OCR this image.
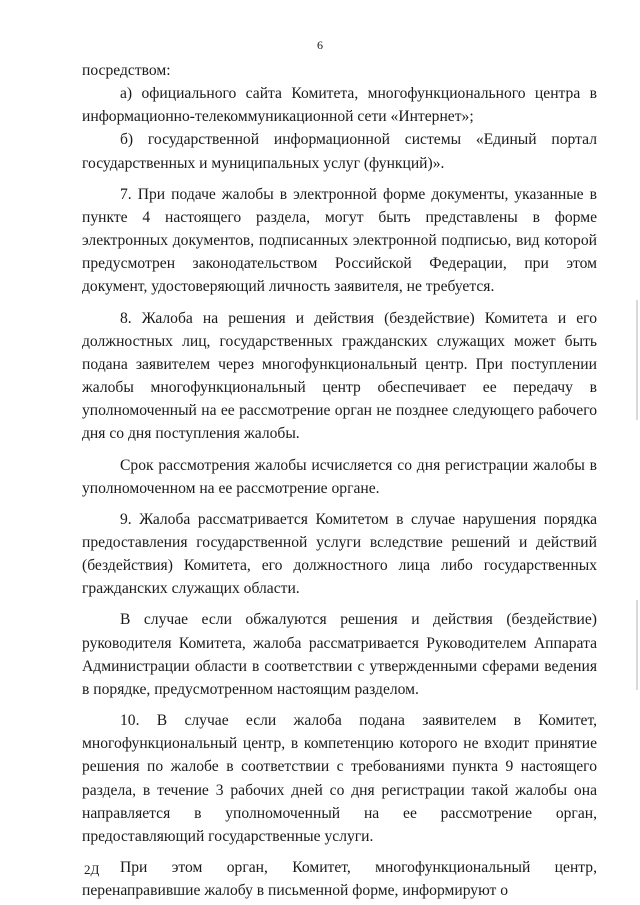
6

посредством:

а) официального сайта Комитета, многофункционального центра в информационно-телекоммуникационной сети «Интернет»;

б) государственной информационной системы «Единый портал государственных и муниципальных услуг (функций)».

7. При подаче жалобы в электронной форме документы, указанные в пункте 4 настоящего раздела, могут быть представлены в форме электронных документов, подписанных электронной подписью, вид которой предусмотрен законодательством Российской Федерации, при этом документ, удостоверяющий личность заявителя, не требуется.

8. Жалоба на решения и действия (бездействие) Комитета и его должностных лиц, государственных гражданских служащих может быть подана заявителем через многофункциональный центр. При поступлении жалобы многофункциональный центр обеспечивает ее передачу в уполномоченный на ее рассмотрение орган не позднее следующего рабочего дня со дня поступления жалобы.

Срок рассмотрения жалобы исчисляется со дня регистрации жалобы в уполномоченном на ее рассмотрение органе.

9. Жалоба рассматривается Комитетом в случае нарушения порядка предоставления государственной услуги вследствие решений и действий (бездействия) Комитета, его должностного лица либо государственных гражданских служащих области.

В случае если обжалуются решения и действия (бездействие) руководителя Комитета, жалоба рассматривается Руководителем Аппарата Администрации области в соответствии с утвержденными сферами ведения в порядке, предусмотренном настоящим разделом.

10. В случае если жалоба подана заявителем в Комитет, многофункциональный центр, в компетенцию которого не входит принятие решения по жалобе в соответствии с требованиями пункта 9 настоящего раздела, в течение 3 рабочих дней со дня регистрации такой жалобы она направляется в уполномоченный на ее рассмотрение орган, предоставляющий государственные услуги.

При этом орган, Комитет, многофункциональный центр, перенаправившие жалобу в письменной форме, информируют о

2Д
